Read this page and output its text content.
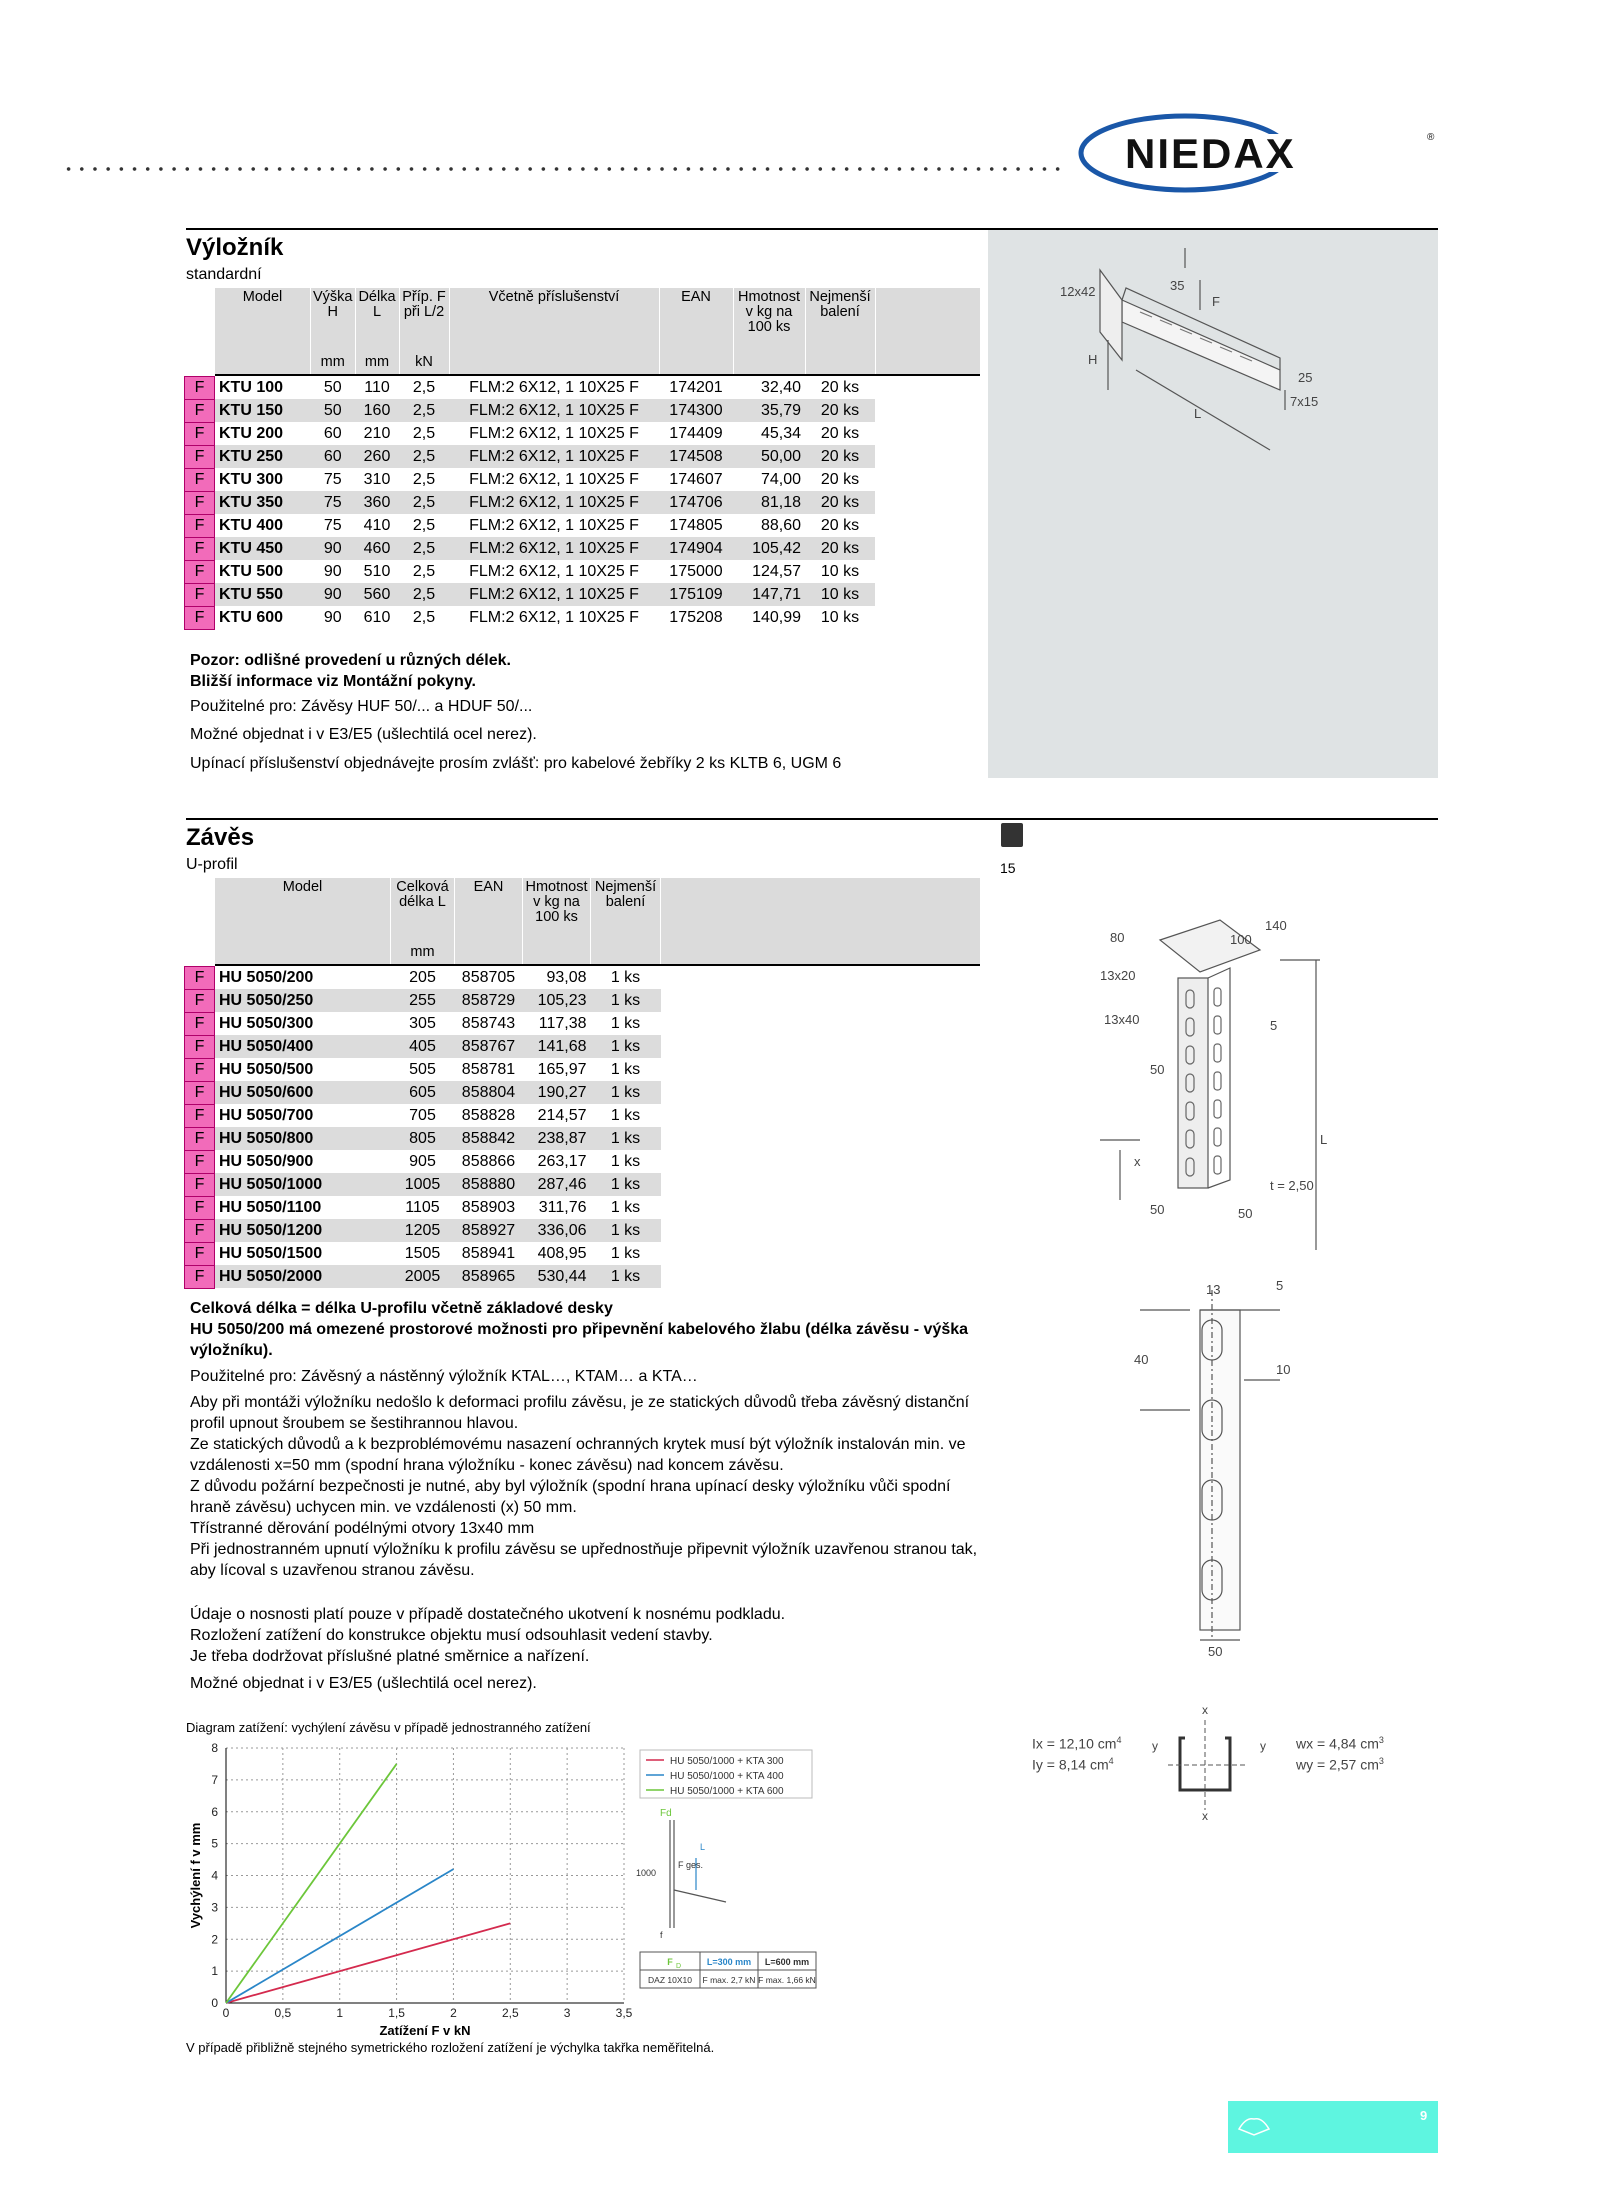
NIEDAX	®
Výložník
standardní
	Model	Výška H	Délka L	Příp. F při L/2	Včetně příslušenství	EAN	Hmotnost v kg na 100 ks	Nejmenší balení	
		mm	mm	kN					

F	KTU 100	50	110	2,5	FLM:2 6X12, 1 10X25 F	174201	32,40	20 ks	
F	KTU 150	50	160	2,5	FLM:2 6X12, 1 10X25 F	174300	35,79	20 ks	
F	KTU 200	60	210	2,5	FLM:2 6X12, 1 10X25 F	174409	45,34	20 ks	
F	KTU 250	60	260	2,5	FLM:2 6X12, 1 10X25 F	174508	50,00	20 ks	
F	KTU 300	75	310	2,5	FLM:2 6X12, 1 10X25 F	174607	74,00	20 ks	
F	KTU 350	75	360	2,5	FLM:2 6X12, 1 10X25 F	174706	81,18	20 ks	
F	KTU 400	75	410	2,5	FLM:2 6X12, 1 10X25 F	174805	88,60	20 ks	
F	KTU 450	90	460	2,5	FLM:2 6X12, 1 10X25 F	174904	105,42	20 ks	
F	KTU 500	90	510	2,5	FLM:2 6X12, 1 10X25 F	175000	124,57	10 ks	
F	KTU 550	90	560	2,5	FLM:2 6X12, 1 10X25 F	175109	147,71	10 ks	
F	KTU 600	90	610	2,5	FLM:2 6X12, 1 10X25 F	175208	140,99	10 ks	
Pozor: odlišné provedení u různých délek.
Bližší informace viz Montážní pokyny.
Použitelné pro: Závěsy HUF 50/... a HDUF 50/...
Možné objednat i v E3/E5 (ušlechtilá ocel nerez).
Upínací příslušenství objednávejte prosím zvlášť: pro kabelové žebříky 2 ks KLTB 6, UGM 6
12x42	35
F
H
25
7x15
L
Závěs
U-profil	15
	Model	Celková délka L	EAN	Hmotnost v kg na 100 ks	Nejmenší balení	
		mm				

F	HU 5050/200	205	858705	93,08	1 ks	
F	HU 5050/250	255	858729	105,23	1 ks	
F	HU 5050/300	305	858743	117,38	1 ks	
F	HU 5050/400	405	858767	141,68	1 ks	
F	HU 5050/500	505	858781	165,97	1 ks	
F	HU 5050/600	605	858804	190,27	1 ks	
F	HU 5050/700	705	858828	214,57	1 ks	
F	HU 5050/800	805	858842	238,87	1 ks	
F	HU 5050/900	905	858866	263,17	1 ks	
F	HU 5050/1000	1005	858880	287,46	1 ks	
F	HU 5050/1100	1105	858903	311,76	1 ks	
F	HU 5050/1200	1205	858927	336,06	1 ks	
F	HU 5050/1500	1505	858941	408,95	1 ks	
F	HU 5050/2000	2005	858965	530,44	1 ks	
Celková délka = délka U-profilu včetně základové desky
HU 5050/200 má omezené prostorové možnosti pro připevnění kabelového žlabu (délka závěsu - výška výložníku).
Použitelné pro: Závěsný a nástěnný výložník KTAL…, KTAM… a KTA…
Aby při montáži výložníku nedošlo k deformaci profilu závěsu, je ze statických důvodů třeba závěsný distanční profil upnout šroubem se šestihrannou hlavou.
Ze statických důvodů a k bezproblémovému nasazení ochranných krytek musí být výložník instalován min. ve vzdálenosti x=50 mm (spodní hrana výložníku - konec závěsu) nad koncem závěsu.
Z důvodu požární bezpečnosti je nutné, aby byl výložník (spodní hrana upínací desky výložníku vůči spodní hraně závěsu) uchycen min. ve vzdálenosti (x) 50 mm.
Třístranné děrování podélnými otvory 13x40 mm
Při jednostranném upnutí výložníku k profilu závěsu se upřednostňuje připevnit výložník uzavřenou stranou tak, aby lícoval s uzavřenou stranou závěsu.
Údaje o nosnosti platí pouze v případě dostatečného ukotvení k nosnému podkladu.
Rozložení zatížení do konstrukce objektu musí odsouhlasit vedení stavby.
Je třeba dodržovat příslušné platné směrnice a nařízení.
Možné objednat i v E3/E5 (ušlechtilá ocel nerez).
140
80	100
13x20
13x40	5
50
L
x
t = 2,50
50	50
13	5
40
10
50
Ix = 12,10 $cm^4$
Iy = 8,14 $cm^4$
x
x
y	y wx = 4,84 $cm^3$
wy = 2,57 $cm^3$
Diagram zatížení: vychýlení závěsu v případě jednostranného zatížení
0	0,5	1	1,5	2	2,5	3	3,5
0
1
2
3
4
5
6
7
8
Zatížení F v kN
Vychýlení f v mm
HU 5050/1000 + KTA 300
HU 5050/1000 + KTA 400
HU 5050/1000 + KTA 600
Fd
F ges.
L
1000
f
F
DAZ 10X10
L=300 mm
F max. 2,7 kN
L=600 mm
F max. 1,66 kN
D
V případě přibližně stejného symetrického rozložení zatížení je výchylka takřka neměřitelná.
9
